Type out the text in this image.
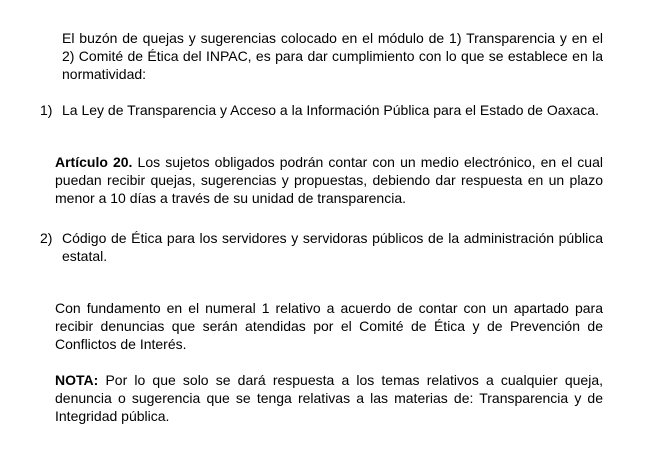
El buzón de quejas y sugerencias colocado en el módulo de 1) Transparencia y en el 2) Comité de Ética del INPAC, es para dar cumplimiento con lo que se establece en la normatividad:

1) La Ley de Transparencia y Acceso a la Información Pública para el Estado de Oaxaca.

Artículo 20. Los sujetos obligados podrán contar con un medio electrónico, en el cual puedan recibir quejas, sugerencias y propuestas, debiendo dar respuesta en un plazo menor a 10 días a través de su unidad de transparencia.

2) Código de Ética para los servidores y servidoras públicos de la administración pública estatal.

Con fundamento en el numeral 1 relativo a acuerdo de contar con un apartado para recibir denuncias que serán atendidas por el Comité de Ética y de Prevención de Conflictos de Interés.

NOTA: Por lo que solo se dará respuesta a los temas relativos a cualquier queja, denuncia o sugerencia que se tenga relativas a las materias de: Transparencia y de Integridad pública.
